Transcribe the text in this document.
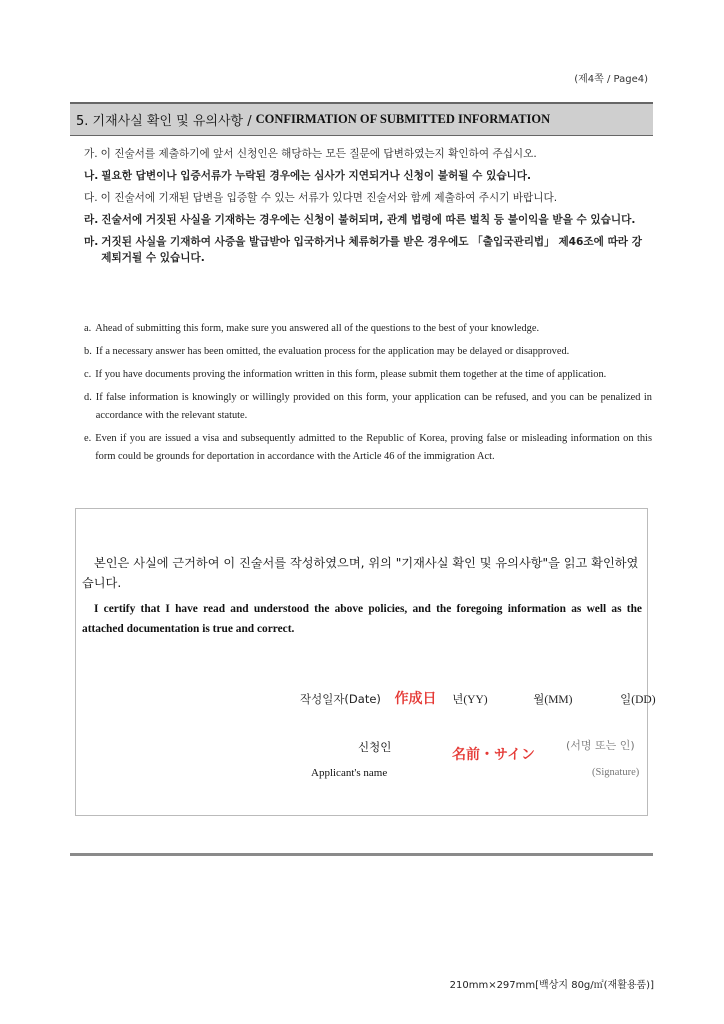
(제4쪽 / Page4)
5. 기재사실 확인 및 유의사항 / CONFIRMATION OF SUBMITTED INFORMATION
가. 이 진술서를 제출하기에 앞서 신청인은 해당하는 모든 질문에 답변하였는지 확인하여 주십시오.
나. 필요한 답변이나 입증서류가 누락된 경우에는 심사가 지연되거나 신청이 불허될 수 있습니다.
다. 이 진술서에 기재된 답변을 입증할 수 있는 서류가 있다면 진술서와 함께 제출하여 주시기 바랍니다.
라. 진술서에 거짓된 사실을 기재하는 경우에는 신청이 불허되며, 관계 법령에 따른 벌칙 등 불이익을 받을 수 있습니다.
마. 거짓된 사실을 기재하여 사증을 발급받아 입국하거나 체류허가를 받은 경우에도 「출입국관리법」 제46조에 따라 강제퇴거될 수 있습니다.
a. Ahead of submitting this form, make sure you answered all of the questions to the best of your knowledge.
b. If a necessary answer has been omitted, the evaluation process for the application may be delayed or disapproved.
c. If you have documents proving the information written in this form, please submit them together at the time of application.
d. If false information is knowingly or willingly provided on this form, your application can be refused, and you can be penalized in accordance with the relevant statute.
e. Even if you are issued a visa and subsequently admitted to the Republic of Korea, proving false or misleading information on this form could be grounds for deportation in accordance with the Article 46 of the immigration Act.
본인은 사실에 근거하여 이 진술서를 작성하였으며, 위의 "기재사실 확인 및 유의사항"을 읽고 확인하였습니다.
I certify that I have read and understood the above policies, and the foregoing information as well as the attached documentation is true and correct.
작성일자(Date) 作成日 년(YY)	월(MM)	일(DD)
신청인
Applicant's name
名前・サイン
(서명 또는 인)
(Signature)
210mm×297mm[백상지 80g/㎡(재활용품)]
